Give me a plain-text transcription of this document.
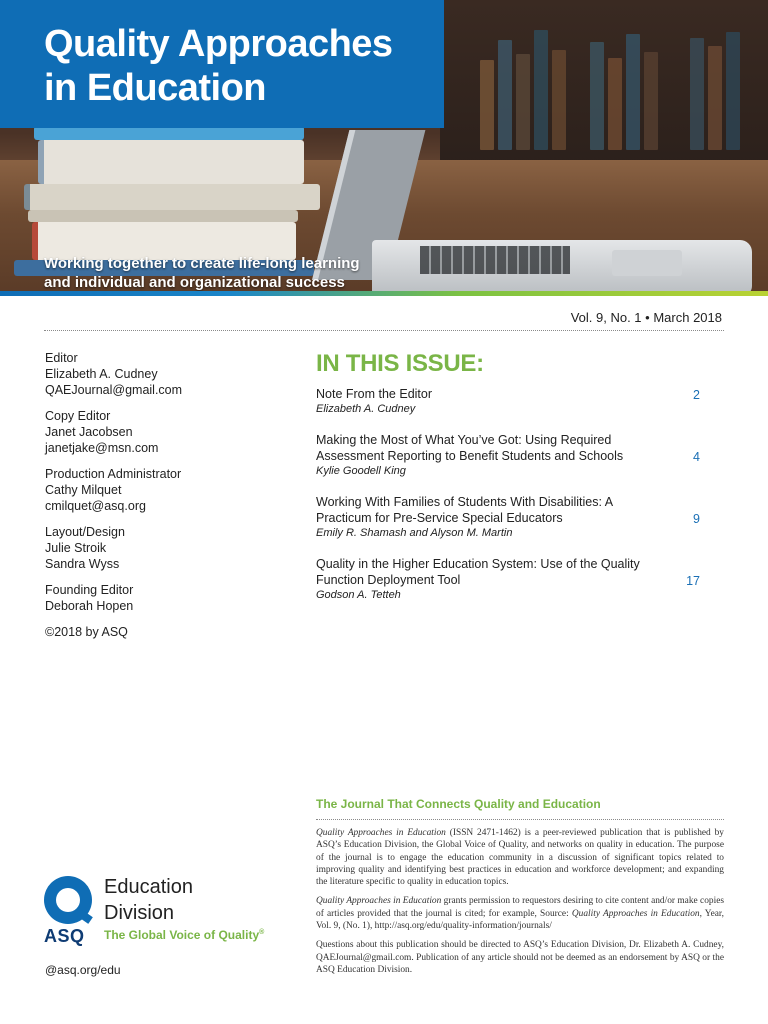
Quality Approaches
in Education

Working together to create life-long learning
and individual and organizational success

Vol. 9, No. 1 • March 2018
Editor
Elizabeth A. Cudney
QAEJournal@gmail.com
Copy Editor
Janet Jacobsen
janetjake@msn.com
Production Administrator
Cathy Milquet
cmilquet@asq.org
Layout/Design
Julie Stroik
Sandra Wyss
Founding Editor
Deborah Hopen
©2018 by ASQ
IN THIS ISSUE:
Note From the Editor
Elizabeth A. Cudney
2
Making the Most of What You’ve Got: Using Required Assessment Reporting to Benefit Students and Schools
Kylie Goodell King
4
Working With Families of Students With Disabilities: A Practicum for Pre-Service Special Educators
Emily R. Shamash and Alyson M. Martin
9
Quality in the Higher Education System: Use of the Quality Function Deployment Tool
Godson A. Tetteh
17
The Journal That Connects Quality and Education

Quality Approaches in Education (ISSN 2471-1462) is a peer-reviewed publication that is published by ASQ’s Education Division, the Global Voice of Quality, and networks on quality in education. The purpose of the journal is to engage the education community in a discussion of significant topics related to improving quality and identifying best practices in education and workforce development; and expanding the literature specific to quality in education topics.

Quality Approaches in Education grants permission to requestors desiring to cite content and/or make copies of articles provided that the journal is cited; for example, Source: Quality Approaches in Education, Year, Vol. 9, (No. 1), http://asq.org/edu/quality-information/journals/

Questions about this publication should be directed to ASQ’s Education Division, Dr. Elizabeth A. Cudney, QAEJournal@gmail.com. Publication of any article should not be deemed as an endorsement by ASQ or the ASQ Education Division.

ASQ
Education
Division
The Global Voice of Quality®
@asq.org/edu
